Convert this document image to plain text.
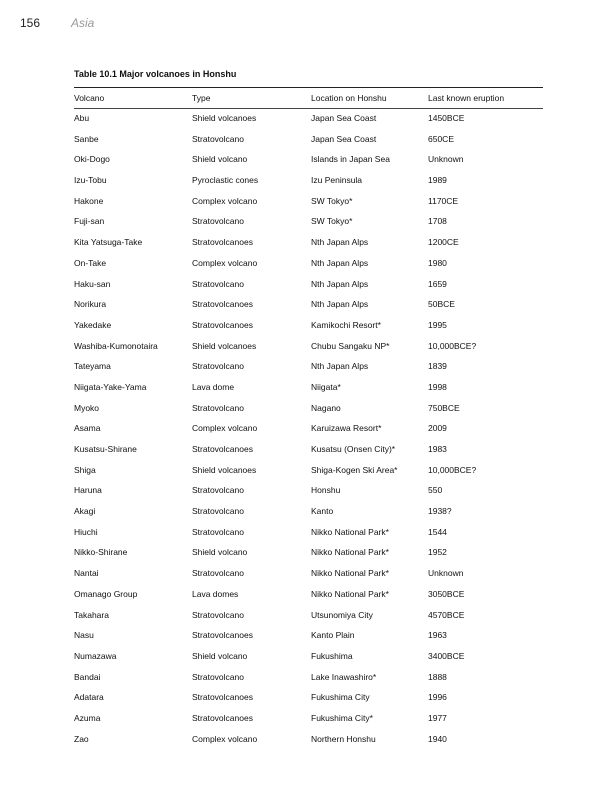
156	Asia
Table 10.1 Major volcanoes in Honshu
Volcano	Type	Location on Honshu	Last known eruption
Abu	Shield volcanoes	Japan Sea Coast	1450BCE
Sanbe	Stratovolcano	Japan Sea Coast	650CE
Oki-Dogo	Shield volcano	Islands in Japan Sea	Unknown
Izu-Tobu	Pyroclastic cones	Izu Peninsula	1989
Hakone	Complex volcano	SW Tokyo*	1170CE
Fuji-san	Stratovolcano	SW Tokyo*	1708
Kita Yatsuga-Take	Stratovolcanoes	Nth Japan Alps	1200CE
On-Take	Complex volcano	Nth Japan Alps	1980
Haku-san	Stratovolcano	Nth Japan Alps	1659
Norikura	Stratovolcanoes	Nth Japan Alps	50BCE
Yakedake	Stratovolcanoes	Kamikochi Resort*	1995
Washiba-Kumonotaira	Shield volcanoes	Chubu Sangaku NP*	10,000BCE?
Tateyama	Stratovolcano	Nth Japan Alps	1839
Niigata-Yake-Yama	Lava dome	Niigata*	1998
Myoko	Stratovolcano	Nagano	750BCE
Asama	Complex volcano	Karuizawa Resort*	2009
Kusatsu-Shirane	Stratovolcanoes	Kusatsu (Onsen City)*	1983
Shiga	Shield volcanoes	Shiga-Kogen Ski Area*	10,000BCE?
Haruna	Stratovolcano	Honshu	550
Akagi	Stratovolcano	Kanto	1938?
Hiuchi	Stratovolcano	Nikko National Park*	1544
Nikko-Shirane	Shield volcano	Nikko National Park*	1952
Nantai	Stratovolcano	Nikko National Park*	Unknown
Omanago Group	Lava domes	Nikko National Park*	3050BCE
Takahara	Stratovolcano	Utsunomiya City	4570BCE
Nasu	Stratovolcanoes	Kanto Plain	1963
Numazawa	Shield volcano	Fukushima	3400BCE
Bandai	Stratovolcano	Lake Inawashiro*	1888
Adatara	Stratovolcanoes	Fukushima City	1996
Azuma	Stratovolcanoes	Fukushima City*	1977
Zao	Complex volcano	Northern Honshu	1940
